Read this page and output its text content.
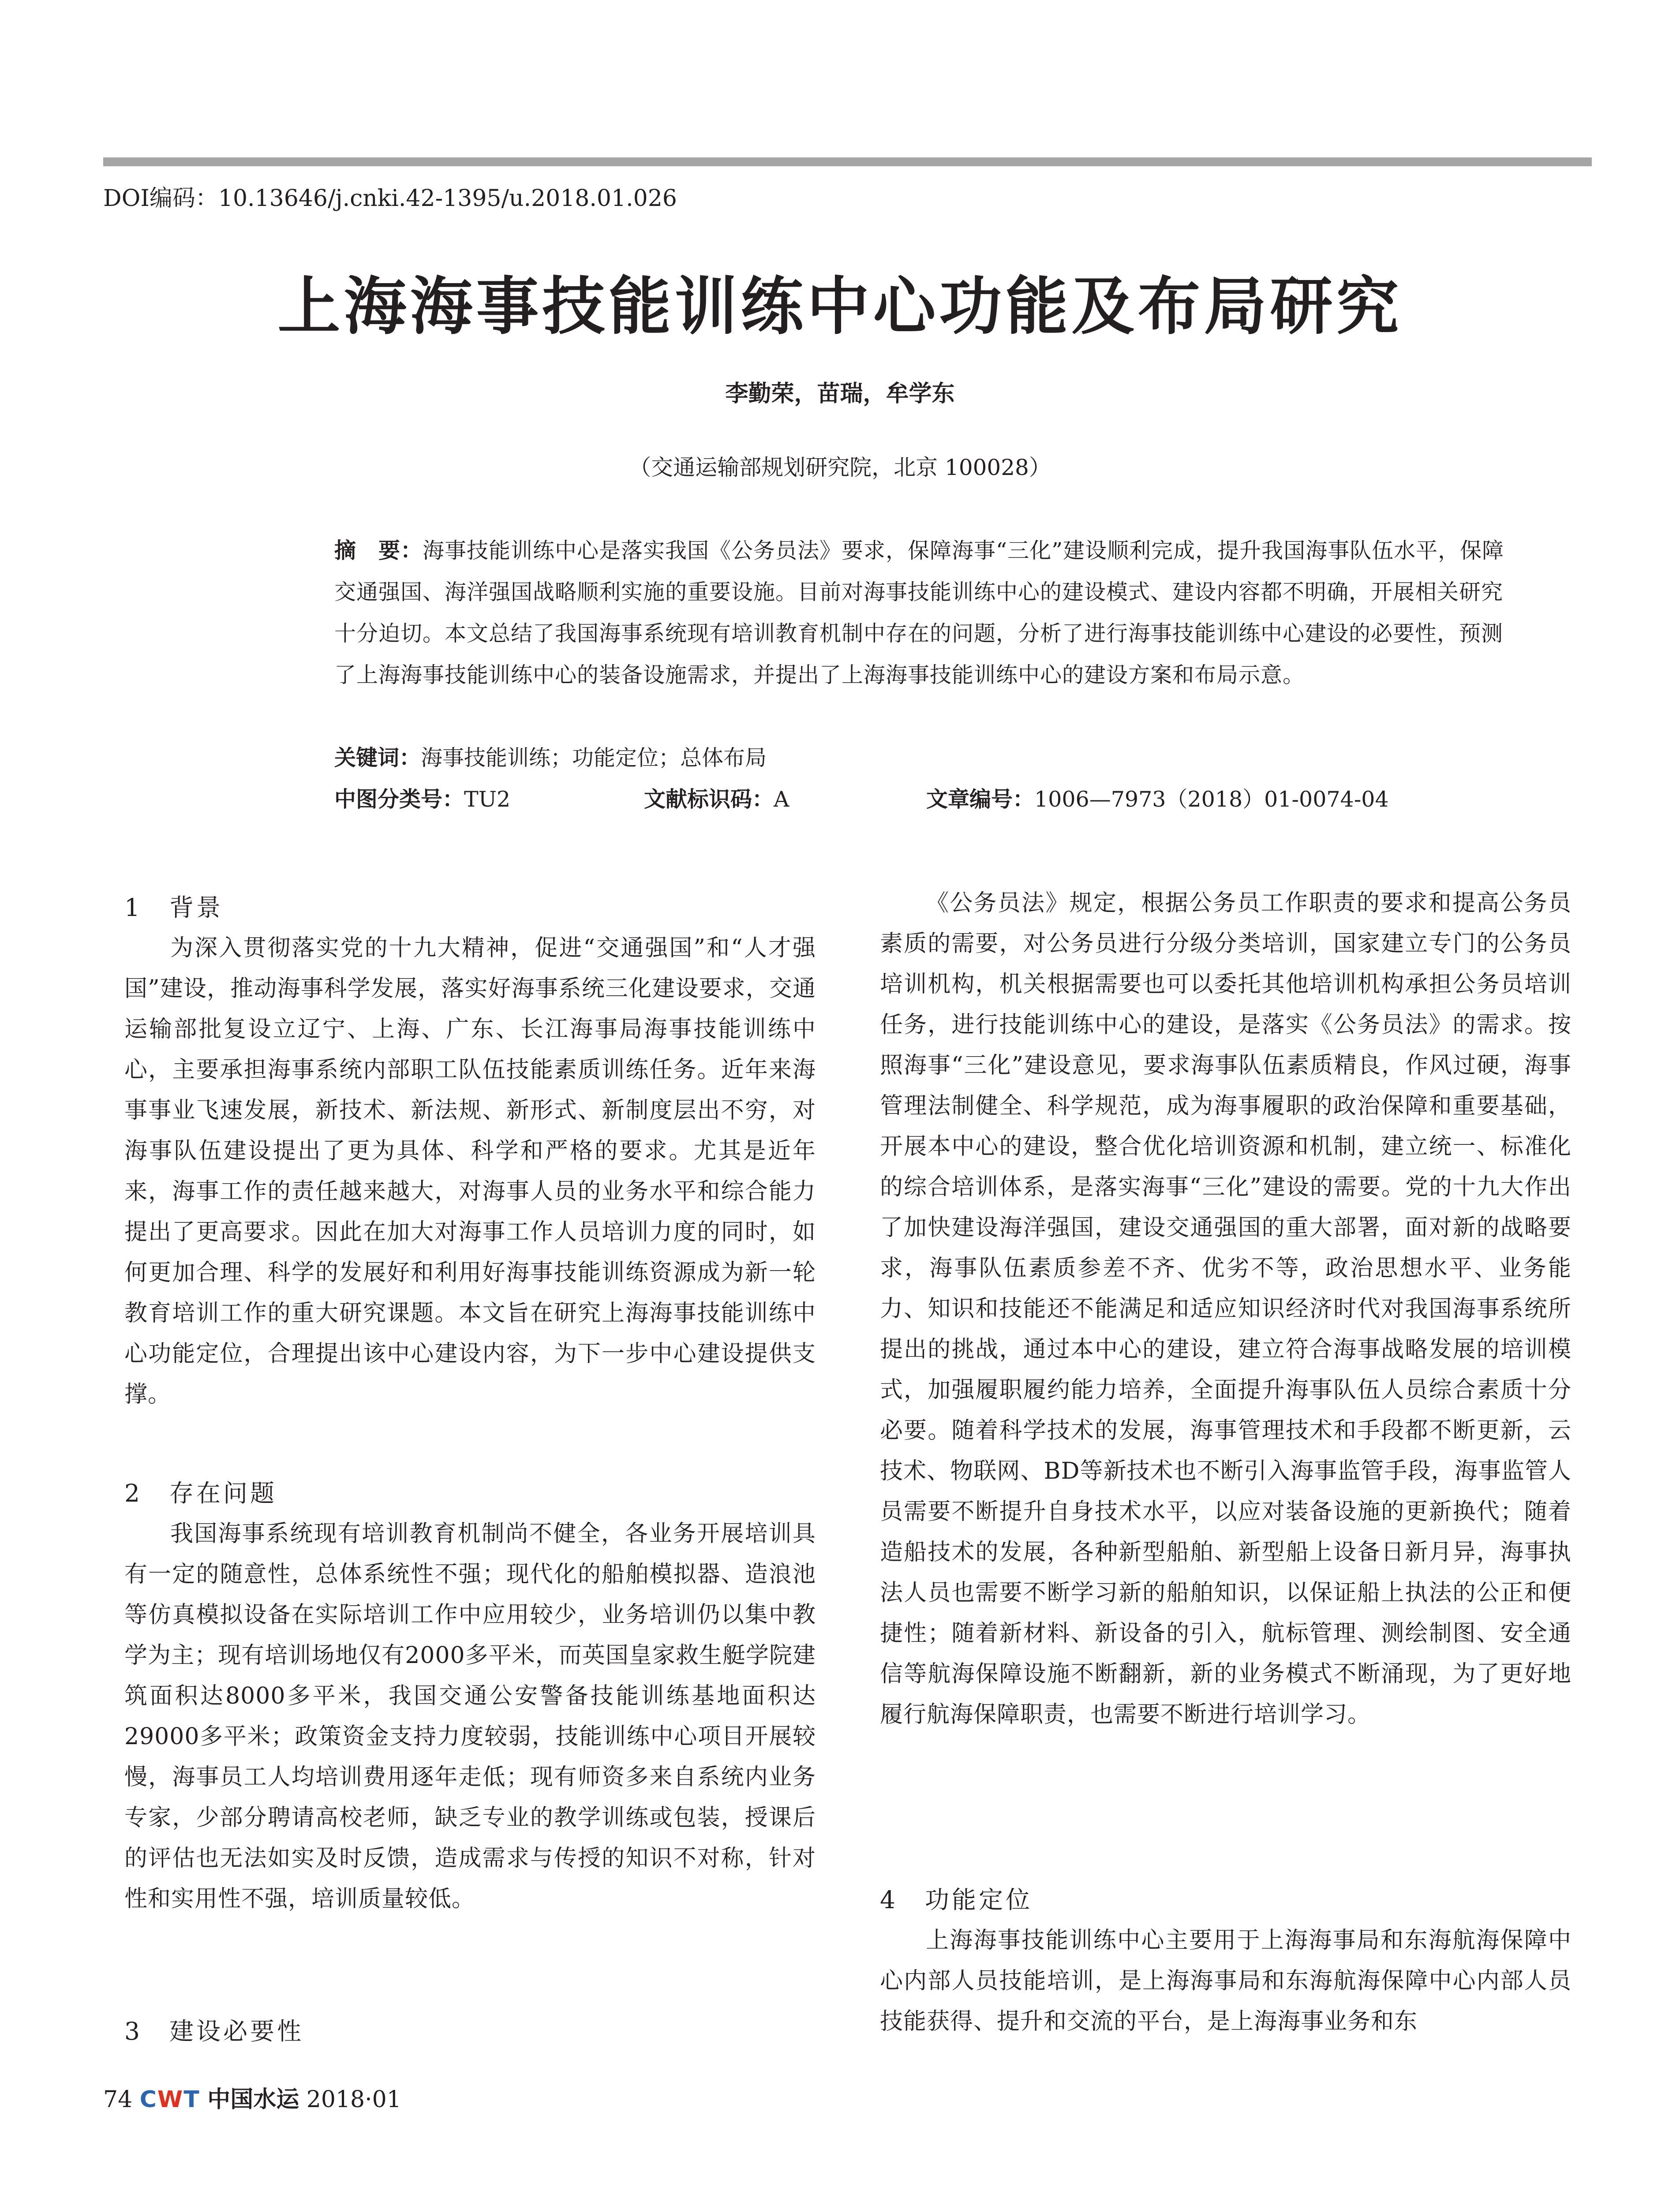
DOI编码：10.13646/j.cnki.42-1395/u.2018.01.026
上海海事技能训练中心功能及布局研究
李勤荣，苗瑞，牟学东
（交通运输部规划研究院，北京 100028）
摘　要：海事技能训练中心是落实我国《公务员法》要求，保障海事“三化”建设顺利完成，提升我国海事队伍水平，保障交通强国、海洋强国战略顺利实施的重要设施。目前对海事技能训练中心的建设模式、建设内容都不明确，开展相关研究十分迫切。本文总结了我国海事系统现有培训教育机制中存在的问题，分析了进行海事技能训练中心建设的必要性，预测了上海海事技能训练中心的装备设施需求，并提出了上海海事技能训练中心的建设方案和布局示意。
关键词：海事技能训练；功能定位；总体布局
中图分类号：TU2	文献标识码：A	文章编号：1006—7973（2018）01-0074-04
1　背景

为深入贯彻落实党的十九大精神，促进“交通强国”和“人才强国”建设，推动海事科学发展，落实好海事系统三化建设要求，交通运输部批复设立辽宁、上海、广东、长江海事局海事技能训练中心，主要承担海事系统内部职工队伍技能素质训练任务。近年来海事事业飞速发展，新技术、新法规、新形式、新制度层出不穷，对海事队伍建设提出了更为具体、科学和严格的要求。尤其是近年来，海事工作的责任越来越大，对海事人员的业务水平和综合能力提出了更高要求。因此在加大对海事工作人员培训力度的同时，如何更加合理、科学的发展好和利用好海事技能训练资源成为新一轮教育培训工作的重大研究课题。本文旨在研究上海海事技能训练中心功能定位，合理提出该中心建设内容，为下一步中心建设提供支撑。

2　存在问题

我国海事系统现有培训教育机制尚不健全，各业务开展培训具有一定的随意性，总体系统性不强；现代化的船舶模拟器、造浪池等仿真模拟设备在实际培训工作中应用较少，业务培训仍以集中教学为主；现有培训场地仅有2000多平米，而英国皇家救生艇学院建筑面积达8000多平米，我国交通公安警备技能训练基地面积达29000多平米；政策资金支持力度较弱，技能训练中心项目开展较慢，海事员工人均培训费用逐年走低；现有师资多来自系统内业务专家，少部分聘请高校老师，缺乏专业的教学训练或包装，授课后的评估也无法如实及时反馈，造成需求与传授的知识不对称，针对性和实用性不强，培训质量较低。

3　建设必要性

《公务员法》规定，根据公务员工作职责的要求和提高公务员素质的需要，对公务员进行分级分类培训，国家建立专门的公务员培训机构，机关根据需要也可以委托其他培训机构承担公务员培训任务，进行技能训练中心的建设，是落实《公务员法》的需求。按照海事“三化”建设意见，要求海事队伍素质精良，作风过硬，海事管理法制健全、科学规范，成为海事履职的政治保障和重要基础，开展本中心的建设，整合优化培训资源和机制，建立统一、标准化的综合培训体系，是落实海事“三化”建设的需要。党的十九大作出了加快建设海洋强国，建设交通强国的重大部署，面对新的战略要求，海事队伍素质参差不齐、优劣不等，政治思想水平、业务能力、知识和技能还不能满足和适应知识经济时代对我国海事系统所提出的挑战，通过本中心的建设，建立符合海事战略发展的培训模式，加强履职履约能力培养，全面提升海事队伍人员综合素质十分必要。随着科学技术的发展，海事管理技术和手段都不断更新，云技术、物联网、BD等新技术也不断引入海事监管手段，海事监管人员需要不断提升自身技术水平，以应对装备设施的更新换代；随着造船技术的发展，各种新型船舶、新型船上设备日新月异，海事执法人员也需要不断学习新的船舶知识，以保证船上执法的公正和便捷性；随着新材料、新设备的引入，航标管理、测绘制图、安全通信等航海保障设施不断翻新，新的业务模式不断涌现，为了更好地履行航海保障职责，也需要不断进行培训学习。

4　功能定位

上海海事技能训练中心主要用于上海海事局和东海航海保障中心内部人员技能培训，是上海海事局和东海航海保障中心内部人员技能获得、提升和交流的平台，是上海海事业务和东

74 CWT 中国水运 2018·01
